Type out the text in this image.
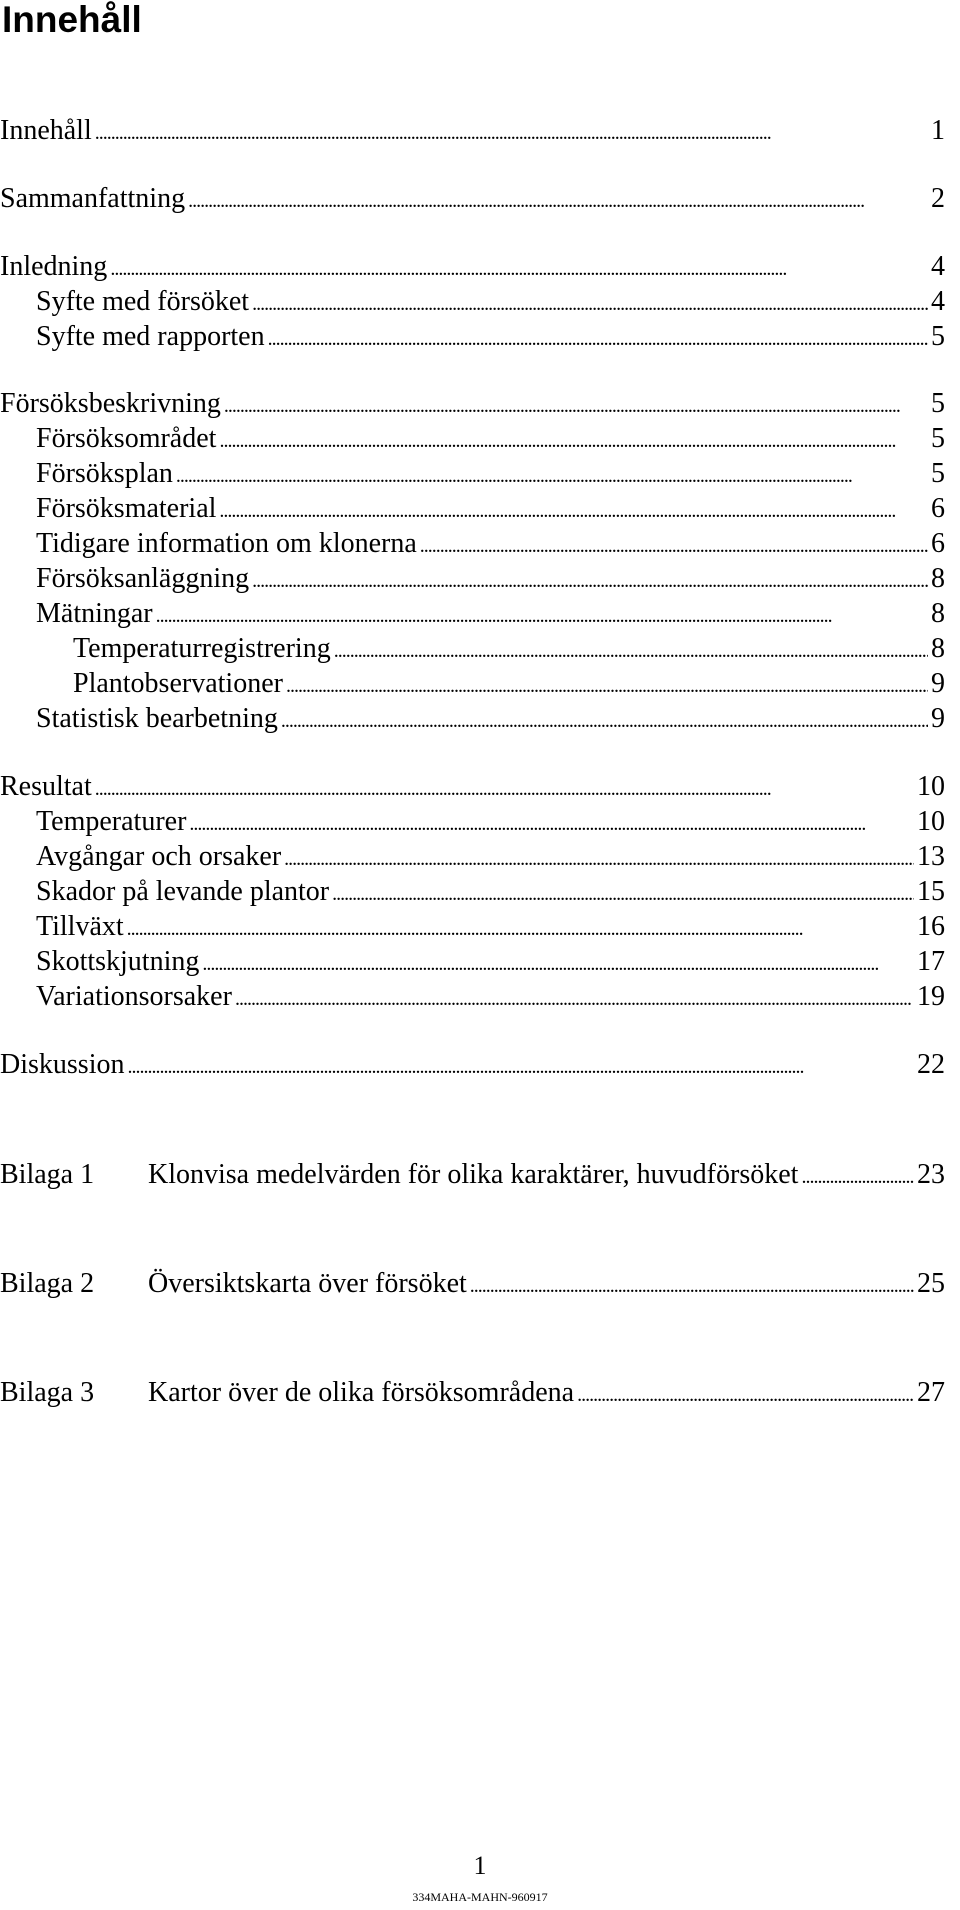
Innehåll
Innehåll . . .	1
Sammanfattning . . .	2
Inledning . . .	4
Syfte med försöket . . .	4
Syfte med rapporten . . .	5
Försöksbeskrivning . . .	5
Försöksområdet . . .	5
Försöksplan . . .	5
Försöksmaterial . . .	6
Tidigare information om klonerna . . .	6
Försöksanläggning . . .	8
Mätningar . . .	8
Temperaturregistrering . . .	8
Plantobservationer . . .	9
Statistisk bearbetning . . .	9
Resultat . . .	10
Temperaturer . . .	10
Avgångar och orsaker . . .	13
Skador på levande plantor . . .	15
Tillväxt . . .	16
Skottskjutning . . .	17
Variationsorsaker . . .	19
Diskussion . . .	22
Bilaga 1	Klonvisa medelvärden för olika karaktärer, huvudförsöket . . .	23
Bilaga 2	Översiktskarta över försöket . . .	25
Bilaga 3	Kartor över de olika försöksområdena . . .	27
1
334MAHA-MAHN-960917
